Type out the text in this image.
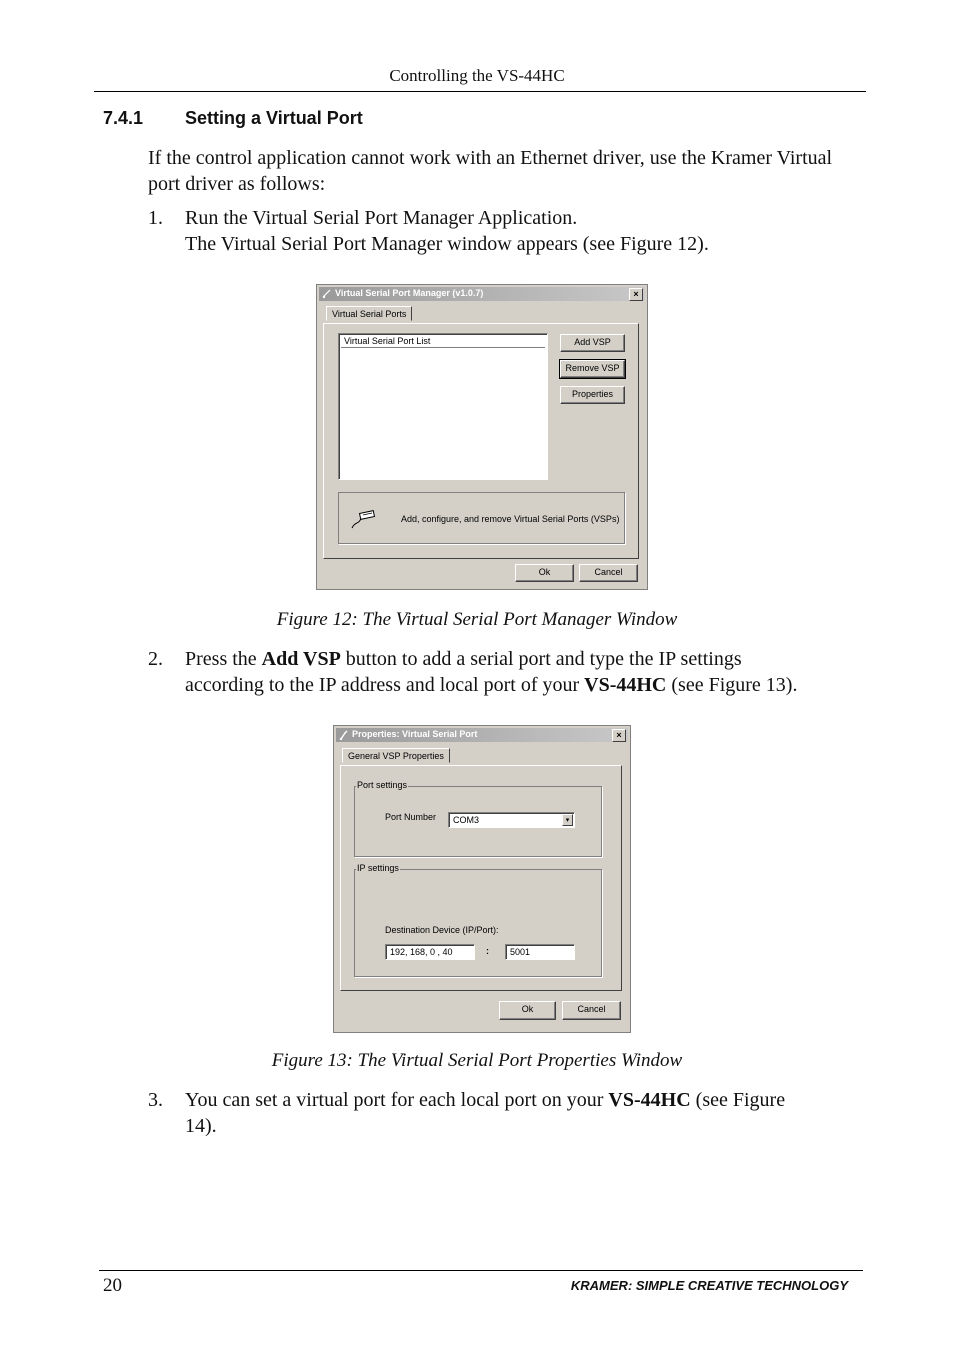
Controlling the VS-44HC
7.4.1 Setting a Virtual Port
If the control application cannot work with an Ethernet driver, use the Kramer Virtual port driver as follows:
1. Run the Virtual Serial Port Manager Application.
The Virtual Serial Port Manager window appears (see Figure 12).
Virtual Serial Port Manager (v1.0.7)	×
Virtual Serial Ports
Virtual Serial Port List	Add VSP
Remove VSP
Properties
Add, configure, and remove Virtual Serial Ports (VSPs)
Ok	Cancel
Figure 12: The Virtual Serial Port Manager Window
2. Press the Add VSP button to add a serial port and type the IP settings
according to the IP address and local port of your VS-44HC (see Figure 13).
Properties: Virtual Serial Port	×
General VSP Properties
Port settings
Port Number	COM3	▾
IP settings
Destination Device (IP/Port):
192, 168, 0 , 40	:	5001
Ok	Cancel
Figure 13: The Virtual Serial Port Properties Window
3. You can set a virtual port for each local port on your VS-44HC (see Figure
14).
20	KRAMER: SIMPLE CREATIVE TECHNOLOGY
